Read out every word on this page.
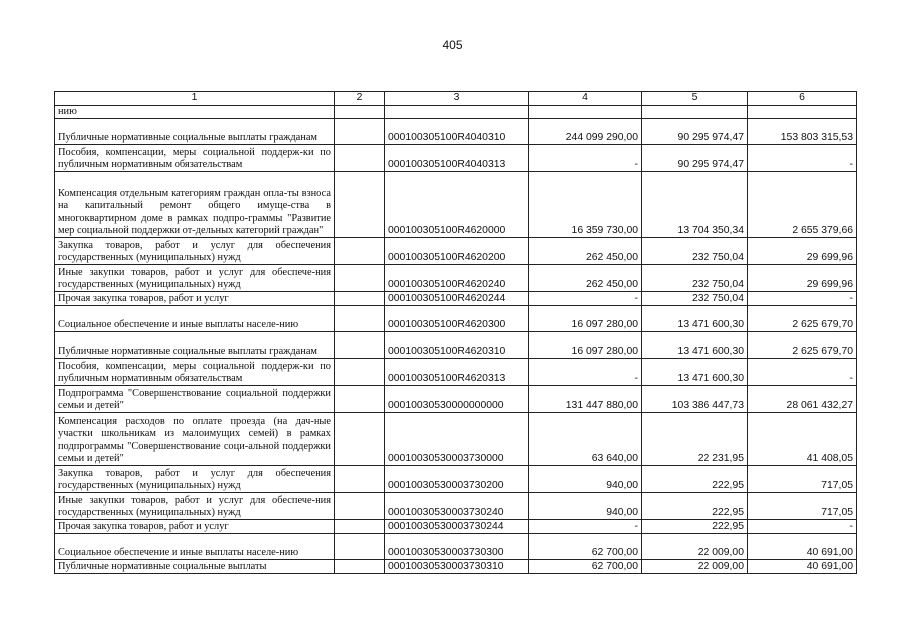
405
1	2	3	4	5	6
нию					
Публичные нормативные социальные выплаты гражданам		000100305100R4040310	244 099 290,00	90 295 974,47	153 803 315,53
Пособия, компенсации, меры социальной поддерж-ки по публичным нормативным обязательствам		000100305100R4040313	-	90 295 974,47	-
Компенсация отдельным категориям граждан опла-ты взноса на капитальный ремонт общего имуще-ства в многоквартирном доме в рамках подпро-граммы "Развитие мер социальной поддержки от-дельных категорий граждан"		000100305100R4620000	16 359 730,00	13 704 350,34	2 655 379,66
Закупка товаров, работ и услуг для обеспечения государственных (муниципальных) нужд		000100305100R4620200	262 450,00	232 750,04	29 699,96
Иные закупки товаров, работ и услуг для обеспече-ния государственных (муниципальных) нужд		000100305100R4620240	262 450,00	232 750,04	29 699,96
Прочая закупка товаров, работ и услуг		000100305100R4620244	-	232 750,04	-
Социальное обеспечение и иные выплаты населе-нию		000100305100R4620300	16 097 280,00	13 471 600,30	2 625 679,70
Публичные нормативные социальные выплаты гражданам		000100305100R4620310	16 097 280,00	13 471 600,30	2 625 679,70
Пособия, компенсации, меры социальной поддерж-ки по публичным нормативным обязательствам		000100305100R4620313	-	13 471 600,30	-
Подпрограмма "Совершенствование социальной поддержки семьи и детей"		00010030530000000000	131 447 880,00	103 386 447,73	28 061 432,27
Компенсация расходов по оплате проезда (на дач-ные участки школьникам из малоимущих семей) в рамках подпрограммы "Совершенствование соци-альной поддержки семьи и детей"		00010030530003730000	63 640,00	22 231,95	41 408,05
Закупка товаров, работ и услуг для обеспечения государственных (муниципальных) нужд		00010030530003730200	940,00	222,95	717,05
Иные закупки товаров, работ и услуг для обеспече-ния государственных (муниципальных) нужд		00010030530003730240	940,00	222,95	717,05
Прочая закупка товаров, работ и услуг		00010030530003730244	-	222,95	-
Социальное обеспечение и иные выплаты населе-нию		00010030530003730300	62 700,00	22 009,00	40 691,00
Публичные нормативные социальные выплаты		00010030530003730310	62 700,00	22 009,00	40 691,00
